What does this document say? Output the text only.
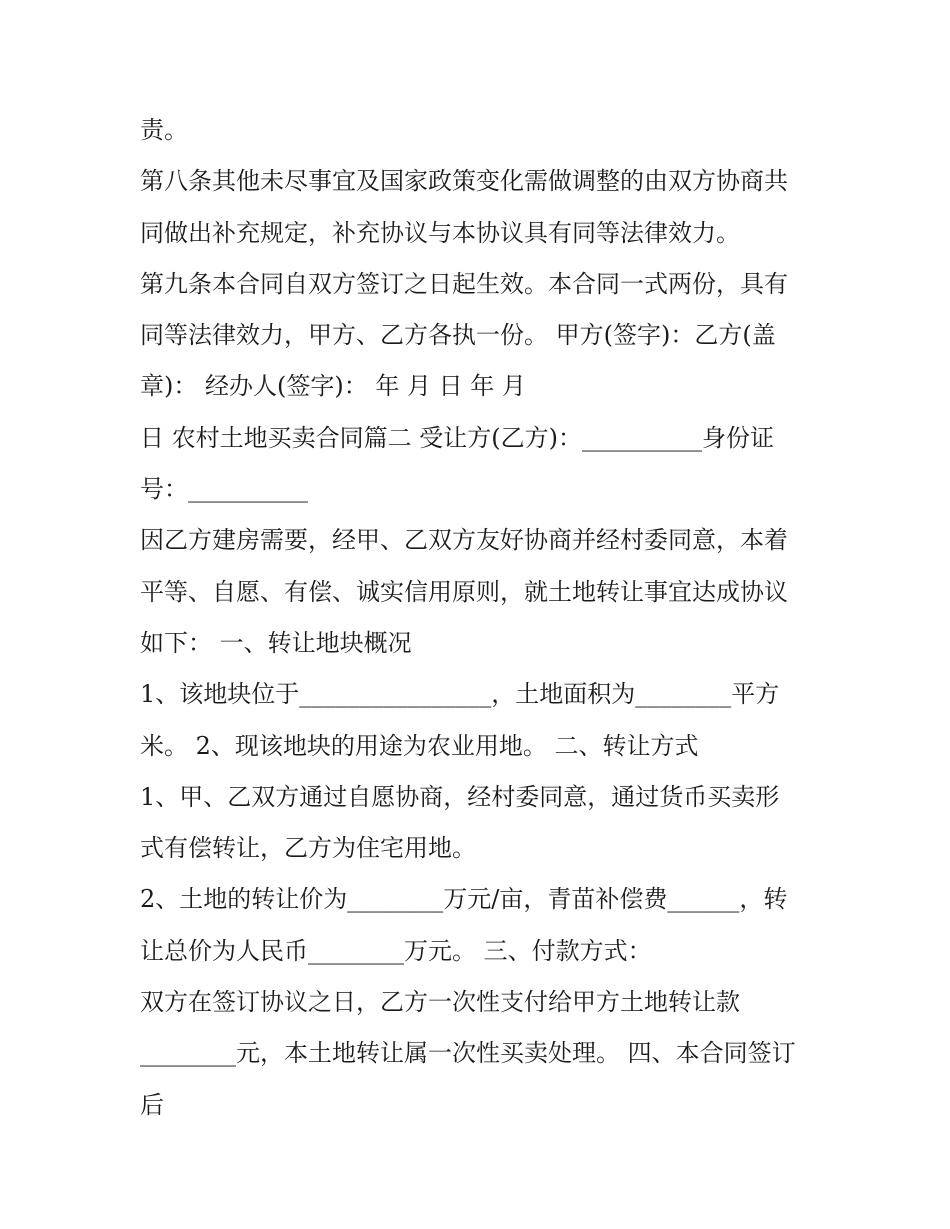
责。

第八条其他未尽事宜及国家政策变化需做调整的由双方协商共

同做出补充规定，补充协议与本协议具有同等法律效力。

第九条本合同自双方签订之日起生效。本合同一式两份，具有

同等法律效力，甲方、乙方各执一份。 甲方(签字)：乙方(盖

章)： 经办人(签字)： 年 月 日 年 月

日 农村土地买卖合同篇二 受让方(乙方)：__________身份证

号：__________

因乙方建房需要，经甲、乙双方友好协商并经村委同意，本着

平等、自愿、有偿、诚实信用原则，就土地转让事宜达成协议

如下： 一、转让地块概况

1、该地块位于________________，土地面积为________平方

米。 2、现该地块的用途为农业用地。 二、转让方式

1、甲、乙双方通过自愿协商，经村委同意，通过货币买卖形

式有偿转让，乙方为住宅用地。

2、土地的转让价为________万元/亩，青苗补偿费______，转

让总价为人民币________万元。 三、付款方式：

双方在签订协议之日，乙方一次性支付给甲方土地转让款

________元，本土地转让属一次性买卖处理。 四、本合同签订

后
